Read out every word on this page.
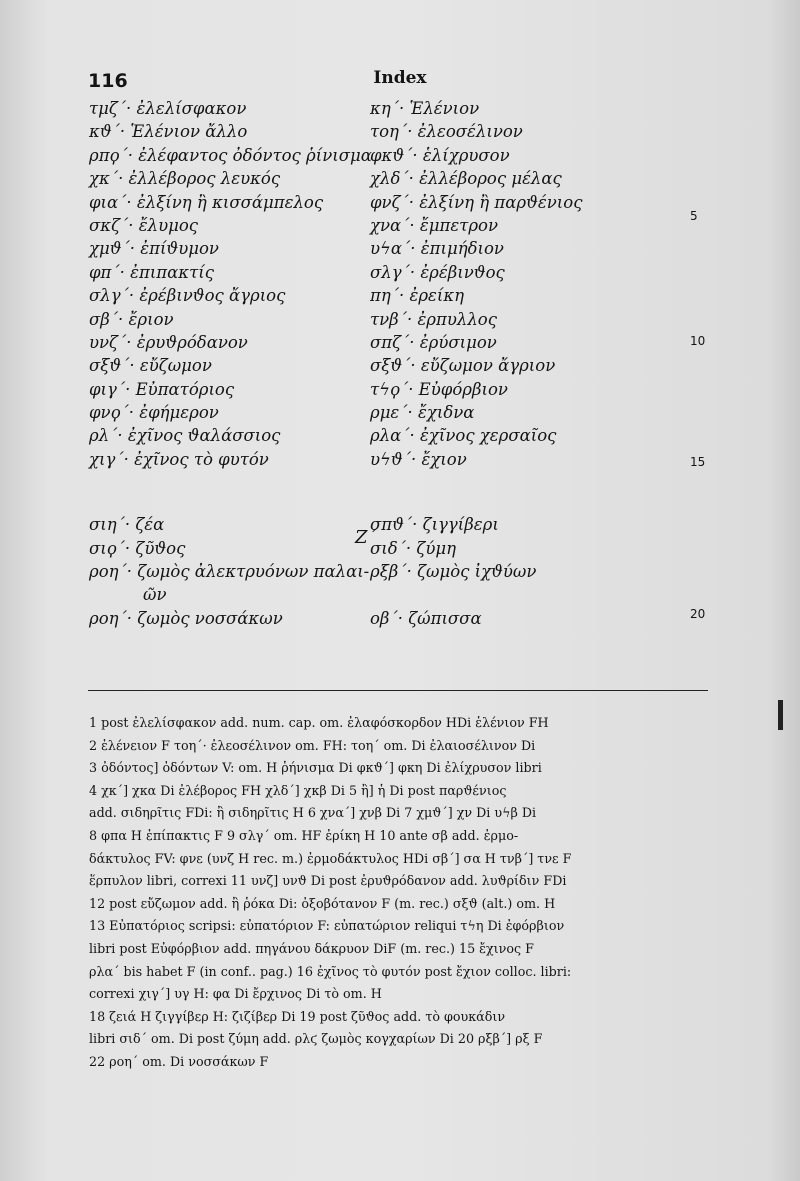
116	Index
τμζ΄· ἐλελίσφακον
κϑ΄· Ἑλένιον ἄλλο
ρπϙ΄· ἐλέφαντος ὀδόντος ῥίνισμα
χκ΄· ἐλλέβορος λευκός
φια΄· ἐλξίνη ἢ κισσάμπελος
σκζ΄· ἔλυμος
χμϑ΄· ἐπίϑυμον
φπ΄· ἐπιπακτίς
σλγ΄· ἐρέβινϑος ἄγριος
σβ΄· ἔριον
υνζ΄· ἐρυϑρόδανον
σξϑ΄· εὔζωμον
φιγ΄· Εὐπατόριος
φνϙ΄· ἐφήμερον
ρλ΄· ἐχῖνος ϑαλάσσιος
χιγ΄· ἐχῖνος τὸ φυτόν
σιη΄· ζέα
σιϙ΄· ζῦϑος
ροη΄· ζωμὸς ἀλεκτρυόνων παλαι-
ῶν
ροη΄· ζωμὸς νοσσάκων
κη΄· Ἑλένιον
τοη΄· ἐλεοσέλινον
φκϑ΄· ἑλίχρυσον
χλδ΄· ἐλλέβορος μέλας
φνζ΄· ἐλξίνη ἢ παρϑένιος
χνα΄· ἔμπετρον
υϟα΄· ἐπιμήδιον
σλγ΄· ἐρέβινϑος
πη΄· ἐρείκη
τνβ΄· ἐρπυλλος
σπζ΄· ἐρύσιμον
σξϑ΄· εὔζωμον ἄγριον
τϟϙ΄· Εὐφόρβιον
ρμε΄· ἔχιδνα
ρλα΄· ἐχῖνος χερσαῖος
υϟϑ΄· ἔχιον
σπϑ΄· ζιγγίβερι
σιδ΄· ζύμη
ρξβ΄· ζωμὸς ἰχϑύων
οβ΄· ζώπισσα
Ζ΄
5
10
15
20
1 post ἐλελίσφακον add. num. cap. om. ἐλαφόσκορδον HDi ἑλένιον FH
2 ἑλένειον F τοη΄· ἐλεοσέλινον om. FH: τοη΄ om. Di ἐλαιοσέλινον Di
3 ὀδόντος] ὀδόντων V: om. H ῥήνισμα Di φκϑ΄] φκη Di ἐλίχρυσον libri
4 χκ΄] χκα Di ἐλέβορος FH χλδ΄] χκβ Di 5 ἢ] ἡ Di post παρϑένιος
add. σιδηρῖτις FDi: ἢ σιδηρῖτις H 6 χνα΄] χνβ Di 7 χμϑ΄] χν Di υϟβ Di
8 φπα H ἐπίπακτις F 9 σλγ΄ om. HF ἐρίκη H 10 ante σβ add. ἐρμο-
δάκτυλος FV: φνε (υνζ H rec. m.) ἐρμοδάκτυλος HDi σβ΄] σα H τνβ΄] τνε F
ἕρπυλον libri, correxi 11 υνζ] υνϑ Di post ἐρυϑρόδανον add. λυϑρίδιν FDi
12 post εὔζωμον add. ἢ ῥόκα Di: ὀξοβότανον F (m. rec.) σξϑ (alt.) om. H
13 Εὐπατόριος scripsi: εὐπατόριον F: εὐπατώριον reliqui τϟη Di ἐφόρβιον
libri post Εὐφόρβιον add. πηγάνου δάκρυον DiF (m. rec.) 15 ἔχινος F
ρλα΄ bis habet F (in conf.. pag.) 16 ἐχῖνος τὸ φυτόν post ἔχιον colloc. libri:
correxi χιγ΄] υγ H: φα Di ἔρχινος Di τὸ om. H
18 ζειά H ζιγγίβερ H: ζιζίβερ Di 19 post ζῦϑος add. τὸ φουκάδιν
libri σιδ΄ om. Di post ζύμη add. ρλϛ ζωμὸς κογχαρίων Di 20 ρξβ΄] ρξ F
22 ροη΄ om. Di νοσσάκων F
